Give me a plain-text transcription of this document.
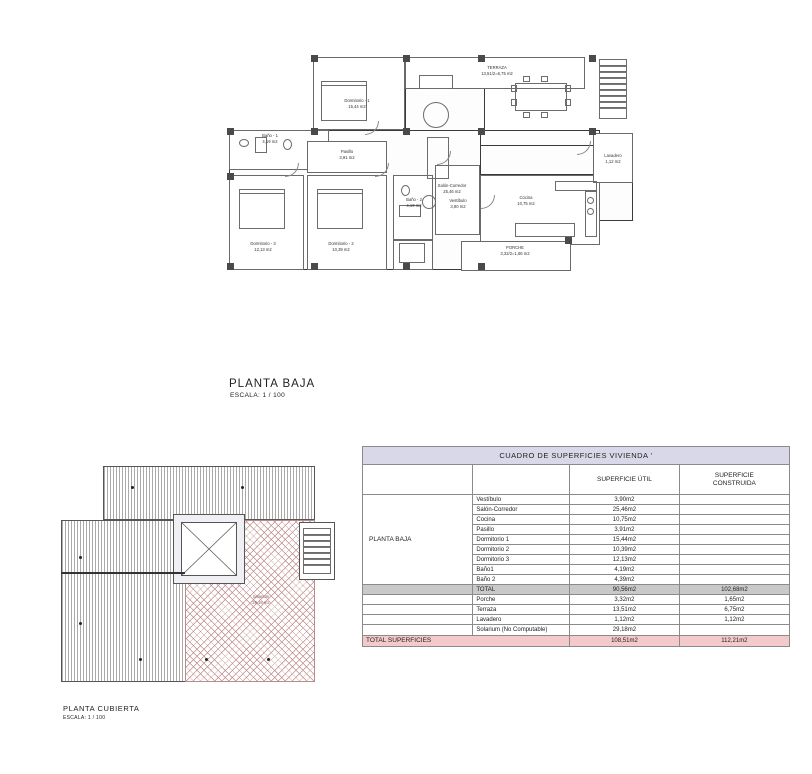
Dormitorio - 1
15,44 m2
Baño - 1
4,19 m2
Pasillo
3,91 m2
Dormitorio - 3
12,13 m2
Dormitorio - 2
10,39 m2
Baño - 2
4,19 m2
Salón-Corredor
25,46 m2
Vestíbulo
3,90 m2
Cocina
10,75 m2
Lavadero
1,12 m2
TERRAZA
13,51/2=6,75 m2
PORCHE
3,32/2=1,66 m2
PLANTA BAJA
ESCALA: 1 / 100
Solarium
29,18 m2
PLANTA CUBIERTA
ESCALA: 1 / 100
CUADRO DE SUPERFICIES VIVIENDA '			
		SUPERFICIE ÚTIL	SUPERFICIE
CONSTRUIDA
PLANTA BAJA	Vestíbulo	3,90m2	
	Salón-Corredor	25,46m2	
	Cocina	10,75m2	
	Pasillo	3,91m2	
	Dormitorio 1	15,44m2	
	Dormitorio 2	10,39m2	
	Dormitorio 3	12,13m2	
	Baño1	4,19m2	
	Baño 2	4,39m2	
	TOTAL	90,56m2	102,68m2
	Porche	3,32m2	1,65m2
	Terraza	13,51m2	6,75m2
	Lavadero	1,12m2	1,12m2
	Solarium (No Computable)	29,18m2	
TOTAL SUPERFICIES		108,51m2	112,21m2
